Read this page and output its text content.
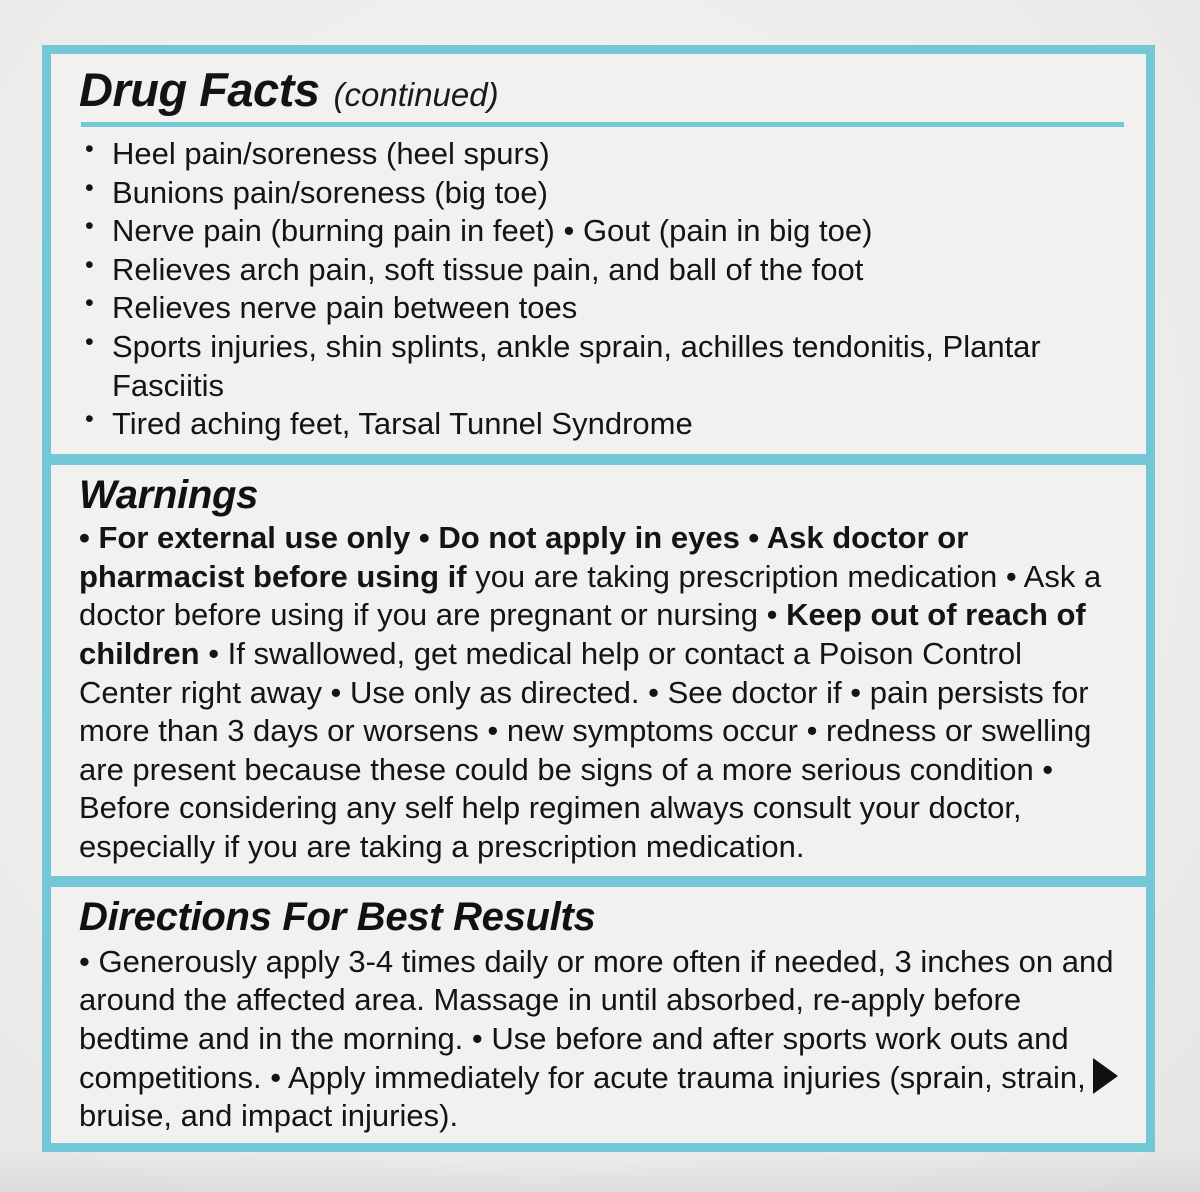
Drug Facts (continued)
• Heel pain/soreness (heel spurs)
• Bunions pain/soreness (big toe)
• Nerve pain (burning pain in feet) • Gout (pain in big toe)
• Relieves arch pain, soft tissue pain, and ball of the foot
• Relieves nerve pain between toes
• Sports injuries, shin splints, ankle sprain, achilles tendonitis, Plantar Fasciitis
• Tired aching feet, Tarsal Tunnel Syndrome
Warnings
• For external use only • Do not apply in eyes • Ask doctor or pharmacist before using if you are taking prescription medication • Ask a doctor before using if you are pregnant or nursing • Keep out of reach of children • If swallowed, get medical help or contact a Poison Control Center right away • Use only as directed. • See doctor if • pain persists for more than 3 days or worsens • new symptoms occur • redness or swelling are present because these could be signs of a more serious condition • Before considering any self help regimen always consult your doctor, especially if you are taking a prescription medication.
Directions For Best Results
• Generously apply 3-4 times daily or more often if needed, 3 inches on and around the affected area. Massage in until absorbed, re-apply before bedtime and in the morning. • Use before and after sports work outs and competitions. • Apply immediately for acute trauma injuries (sprain, strain, bruise, and impact injuries).
